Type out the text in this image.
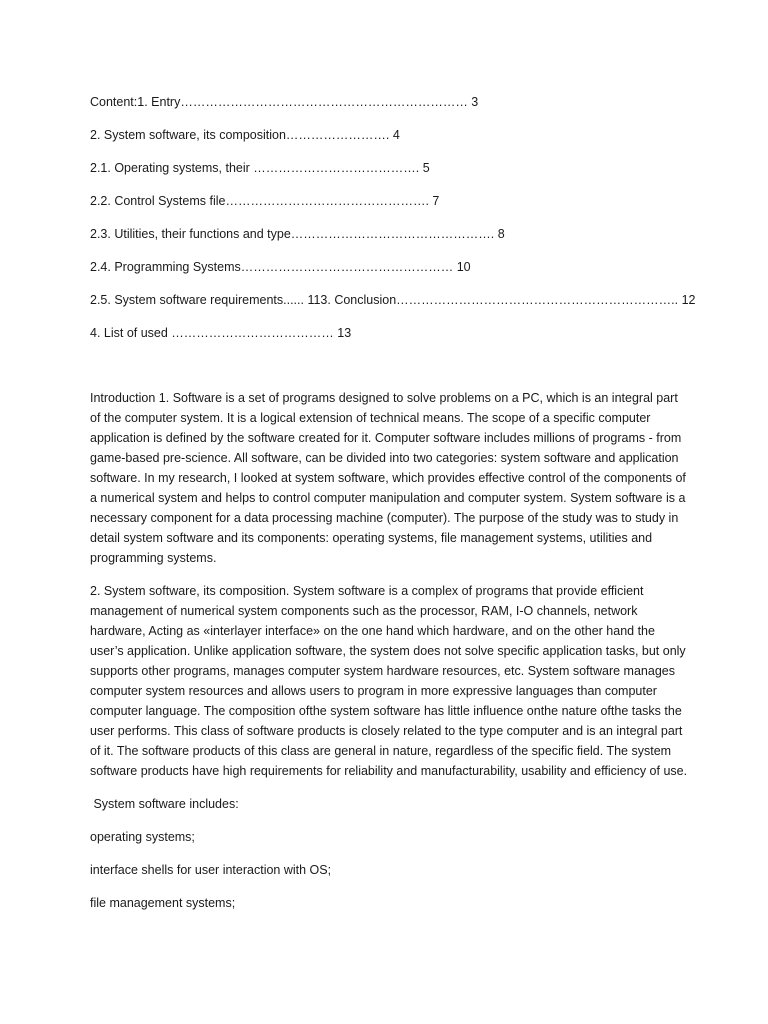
Content:1. Entry…………………………………………………………… 3
2. System software, its composition……………………. 4
2.1. Operating systems, their …………………………………. 5
2.2. Control Systems file…………………………………………. 7
2.3. Utilities, their functions and type…………………………………………. 8
2.4. Programming Systems…………………………………………… 10
2.5. System software requirements...... 113. Conclusion………………………………………………………….. 12
4. List of used ………………………………… 13

Introduction 1. Software is a set of programs designed to solve problems on a PC, which is an integral part of the computer system. It is a logical extension of technical means. The scope of a specific computer application is defined by the software created for it. Computer software includes millions of programs - from game-based pre-science. All software, can be divided into two categories: system software and application software. In my research, I looked at system software, which provides effective control of the components of a numerical system and helps to control computer manipulation and computer system. System software is a necessary component for a data processing machine (computer). The purpose of the study was to study in detail system software and its components: operating systems, file management systems, utilities and programming systems.

2. System software, its composition. System software is a complex of programs that provide efficient management of numerical system components such as the processor, RAM, I-O channels, network hardware, Acting as «interlayer interface» on the one hand which hardware, and on the other hand the user’s application. Unlike application software, the system does not solve specific application tasks, but only supports other programs, manages computer system hardware resources, etc. System software manages computer system resources and allows users to program in more expressive languages than computer computer language. The composition ofthe system software has little influence onthe nature ofthe tasks the user performs. This class of software products is closely related to the type computer and is an integral part of it. The software products of this class are general in nature, regardless of the specific field. The system software products have high requirements for reliability and manufacturability, usability and efficiency of use.

System software includes:
operating systems;
interface shells for user interaction with OS;
file management systems;
